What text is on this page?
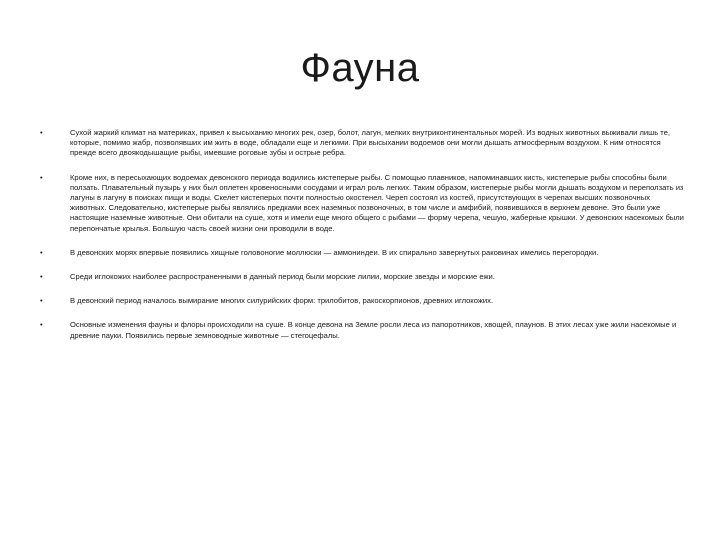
Фауна
•	Сухой жаркий климат на материках, привел к высыханию многих рек, озер, болот, лагун, мелких внутриконтинентальных морей. Из водных животных выживали лишь те, которые, помимо жабр, позволявших им жить в воде, обладали еще и легкими. При высыхании водоемов они могли дышать атмосферным воздухом. К ним относятся прежде всего двоякодышащие рыбы, имевшие роговые зубы и острые ребра.
•	Кроме них, в пересыхающих водоемах девонского периода водились кистеперые рыбы. С помощью плавников, напоминавших кисть, кистеперые рыбы способны были ползать. Плавательный пузырь у них был оплетен кровеносными сосудами и играл роль легких. Таким образом, кистеперые рыбы могли дышать воздухом и переползать из лагуны в лагуну в поисках пищи и воды. Скелет кистеперых почти полностью окостенел. Череп состоял из костей, присутствующих в черепах высших позвоночных животных. Следовательно, кистеперые рыбы являлись предками всех наземных позвоночных, в том числе и амфибий, появившихся в верхнем девоне. Это были уже настоящие наземные животные. Они обитали на суше, хотя и имели еще много общего с рыбами — форму черепа, чешую, жаберные крышки. У девонских насекомых были перепончатые крылья. Большую часть своей жизни они проводили в воде.
•	В девонских морях впервые появились хищные головоногие моллюски — аммониндеи. В их спирально завернутых раковинах имелись перегородки.
•	Среди иглокожих наиболее распространенными в данный период были морские лилии, морские звезды и морские ежи.
•	В девонский период началось вымирание многих силурийских форм: трилобитов, ракоскорпионов, древних иглокожих.
•	Основные изменения фауны и флоры происходили на суше. В конце девона на Земле росли леса из папоротников, хвощей, плаунов. В этих лесах уже жили насекомые и древние пауки. Появились первые земноводные животные — стегоцефалы.
